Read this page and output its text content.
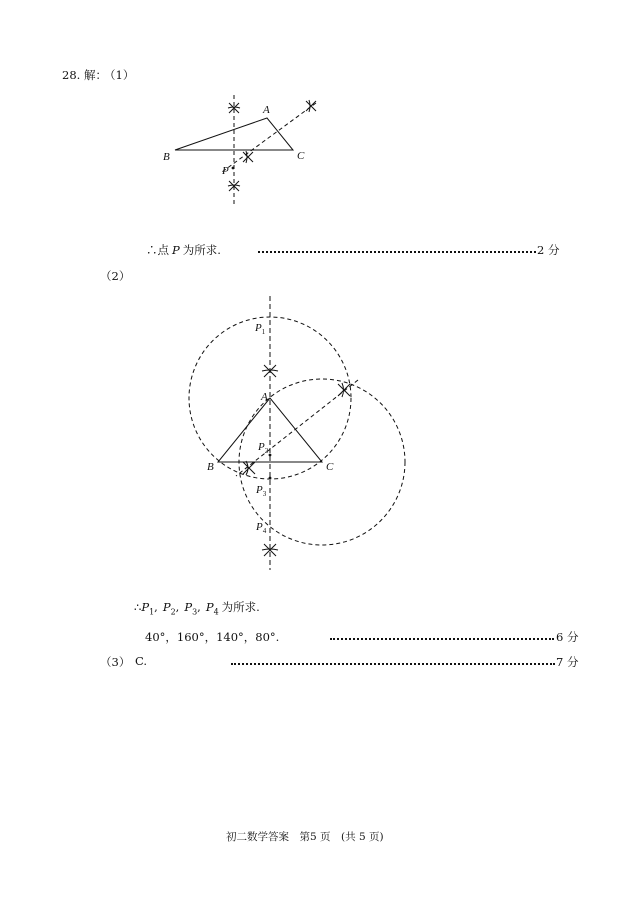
28. 解：
（1）
A
B	C
P
∴点 P 为所求.	2 分
（2）
A
B	C
$P_1$
$P_2$
$P_3$
$P_4$
$\therefore P_1$, $P_2$, $P_3$, $P_4$ 为所求.
40°，160°，140°，80°.	6 分
（3） C.	7 分
初二数学答案　第5 页　(共 5 页)
